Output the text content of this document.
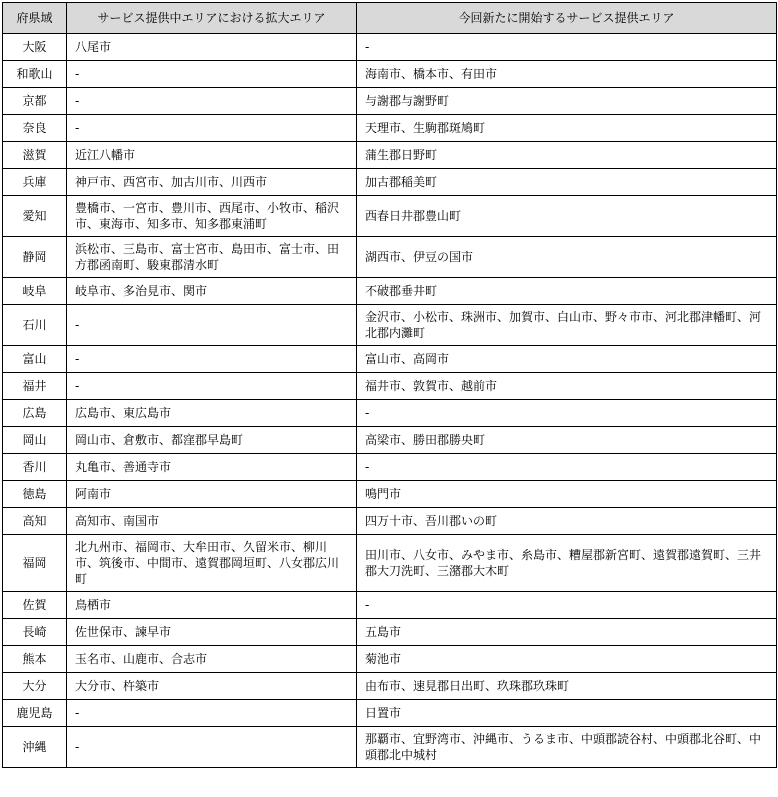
府県域	サービス提供中エリアにおける拡大エリア	今回新たに開始するサービス提供エリア
大阪	八尾市	-
和歌山	-	海南市、橋本市、有田市
京都	-	与謝郡与謝野町
奈良	-	天理市、生駒郡斑鳩町
滋賀	近江八幡市	蒲生郡日野町
兵庫	神戸市、西宮市、加古川市、川西市	加古郡稲美町
愛知	豊橋市、一宮市、豊川市、西尾市、小牧市、稲沢市、東海市、知多市、知多郡東浦町	西春日井郡豊山町
静岡	浜松市、三島市、富士宮市、島田市、富士市、田方郡函南町、駿東郡清水町	湖西市、伊豆の国市
岐阜	岐阜市、多治見市、関市	不破郡垂井町
石川	-	金沢市、小松市、珠洲市、加賀市、白山市、野々市市、河北郡津幡町、河北郡内灘町
富山	-	富山市、高岡市
福井	-	福井市、敦賀市、越前市
広島	広島市、東広島市	-
岡山	岡山市、倉敷市、都窪郡早島町	高梁市、勝田郡勝央町
香川	丸亀市、善通寺市	-
徳島	阿南市	鳴門市
高知	高知市、南国市	四万十市、吾川郡いの町
福岡	北九州市、福岡市、大牟田市、久留米市、柳川市、筑後市、中間市、遠賀郡岡垣町、八女郡広川町	田川市、八女市、みやま市、糸島市、糟屋郡新宮町、遠賀郡遠賀町、三井郡大刀洗町、三潴郡大木町
佐賀	鳥栖市	-
長崎	佐世保市、諫早市	五島市
熊本	玉名市、山鹿市、合志市	菊池市
大分	大分市、杵築市	由布市、速見郡日出町、玖珠郡玖珠町
鹿児島	-	日置市
沖縄	-	那覇市、宜野湾市、沖縄市、うるま市、中頭郡読谷村、中頭郡北谷町、中頭郡北中城村
